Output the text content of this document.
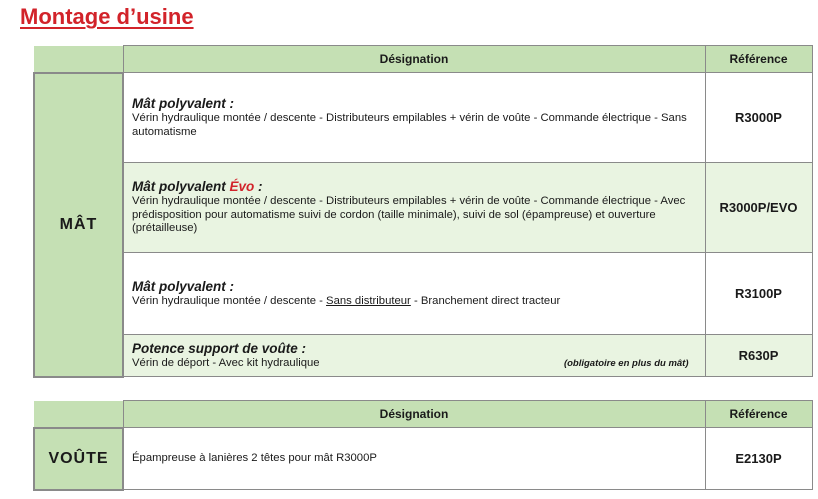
Montage d’usine
	Désignation	Référence
MÂT	Mât polyvalent :
Vérin hydraulique montée / descente - Distributeurs empilables + vérin de voûte - Commande électrique - Sans automatisme	R3000P

	Mât polyvalent Évo :
Vérin hydraulique montée / descente - Distributeurs empilables + vérin de voûte - Commande électrique - Avec prédisposition pour automatisme suivi de cordon (taille minimale), suivi de sol (épampreuse) et ouverture (prétailleuse)	R3000P/EVO

	Mât polyvalent :
Vérin hydraulique montée / descente - Sans distributeur - Branchement direct tracteur	R3100P

	Potence support de voûte :
(obligatoire en plus du mât)
Vérin de déport - Avec kit hydraulique	R630P
	Désignation	Référence
VOÛTE	Épampreuse à lanières 2 têtes pour mât R3000P	E2130P
